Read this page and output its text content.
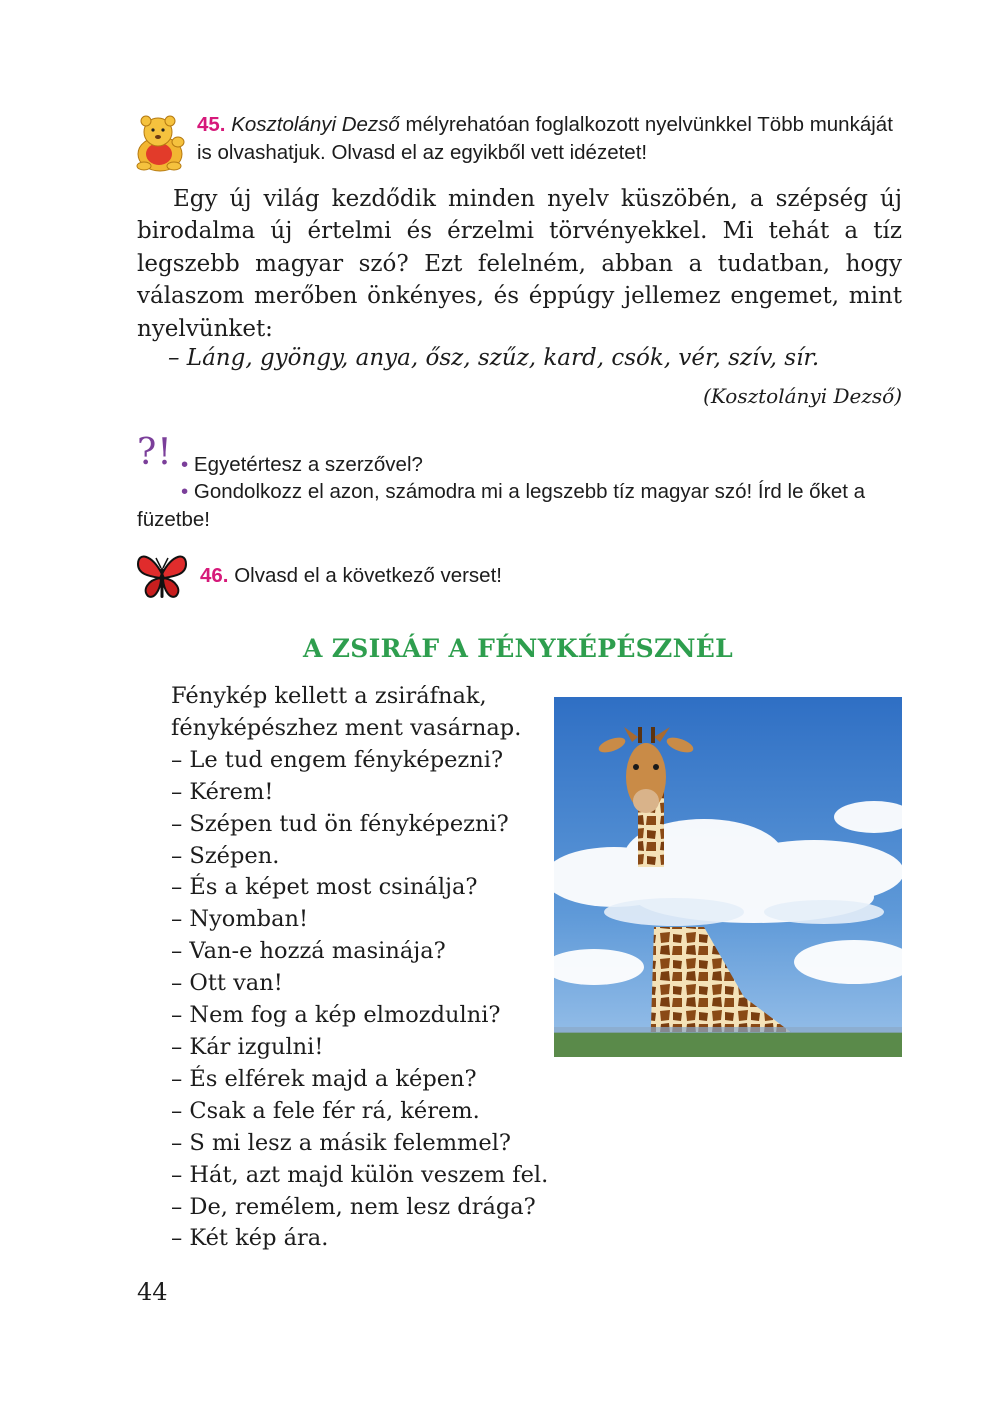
45. Kosztolányi Dezső mélyrehatóan foglalkozott nyelvünkkel Több munkáját is olvashatjuk. Olvasd el az egyikből vett idézetet!

Egy új világ kezdődik minden nyelv küszöbén, a szépség új birodalma új értelmi és érzelmi törvényekkel. Mi tehát a tíz legszebb magyar szó? Ezt felelném, abban a tudatban, hogy válaszom merőben önkényes, és éppúgy jellemez engemet, mint nyelvünket:

– Láng, gyöngy, anya, ősz, szűz, kard, csók, vér, szív, sír.
(Kosztolányi Dezső)
?! • Egyetértesz a szerzővel?
• Gondolkozz el azon, számodra mi a legszebb tíz magyar szó! Írd le őket a füzetbe!
46. Olvasd el a következő verset!
A ZSIRÁF A FÉNYKÉPÉSZNÉL
Fénykép kellett a zsiráfnak,
fényképészhez ment vasárnap.
– Le tud engem fényképezni?
– Kérem!
– Szépen tud ön fényképezni?
– Szépen.
– És a képet most csinálja?
– Nyomban!
– Van-e hozzá masinája?
– Ott van!
– Nem fog a kép elmozdulni?
– Kár izgulni!
– És elférek majd a képen?
– Csak a fele fér rá, kérem.
– S mi lesz a másik felemmel?
– Hát, azt majd külön veszem fel.
– De, remélem, nem lesz drága?
– Két kép ára.
44
